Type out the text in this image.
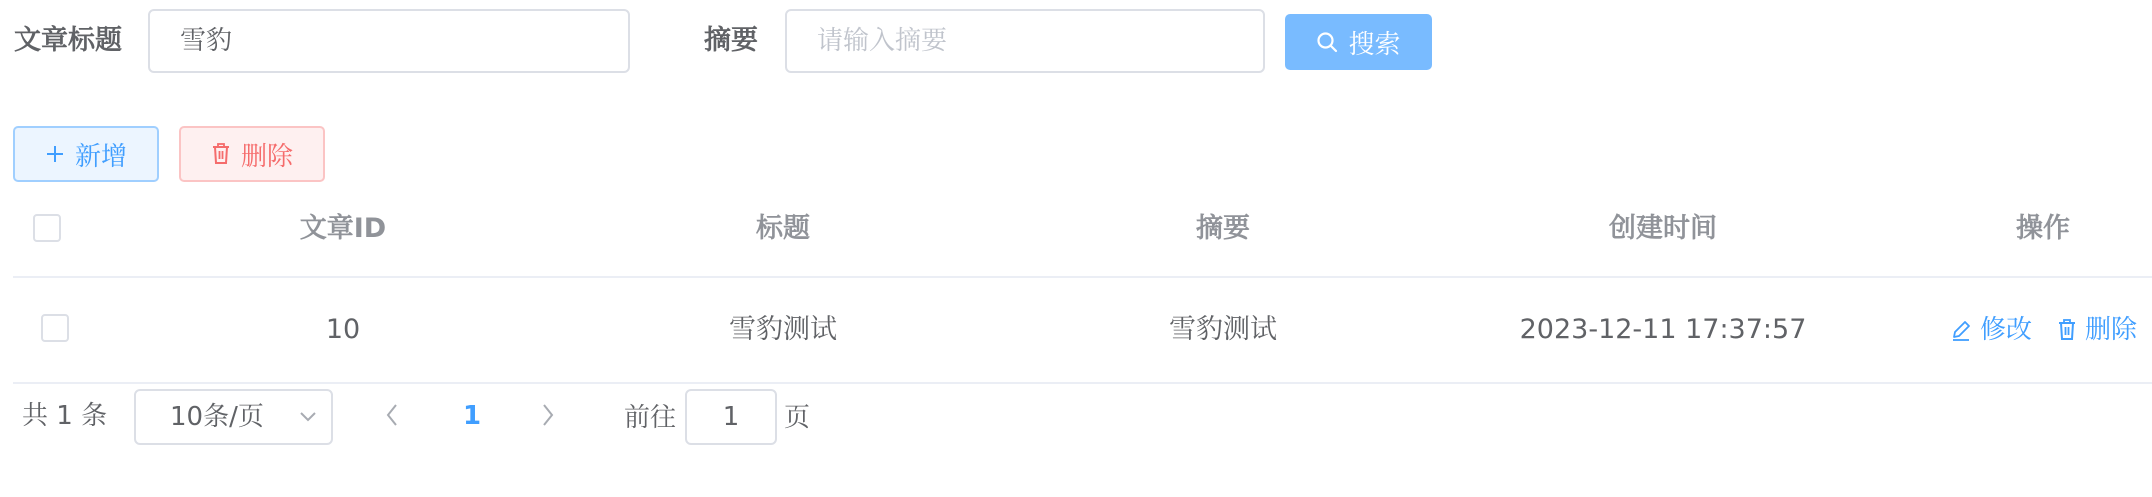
文章标题	雪豹	摘要	请输入摘要	搜索
新增	删除
文章ID	标题	摘要	创建时间	操作
10	雪豹测试	雪豹测试	2023-12-11 17:37:57	修改 删除
共 1 条	10条/页	1	前往	1	页
